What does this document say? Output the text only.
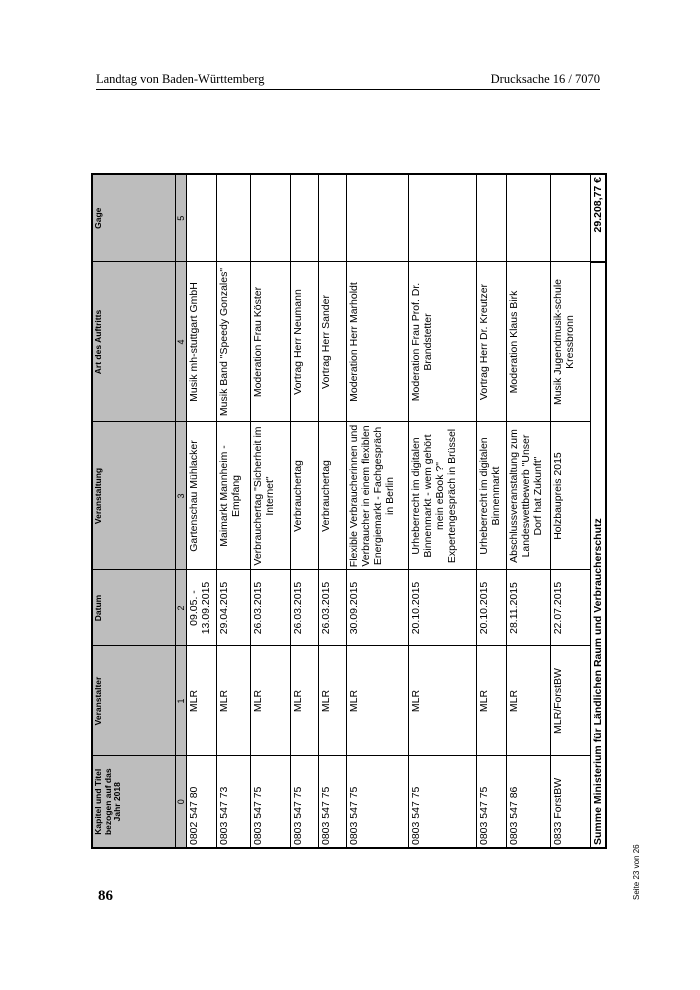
Landtag von Baden-Württemberg	Drucksache 16 / 7070
Kapitel und Titel bezogen auf das Jahr 2018	Veranstalter	Datum	Veranstaltung	Art des Auftritts	Gage
0	1	2	3	4	5
0802 547 80	MLR	09.05. - 13.09.2015	Gartenschau Mühlacker	Musik mh-stuttgart GmbH	
0803 547 73	MLR	29.04.2015	Maimarkt Mannheim - Empfang	Musik Band "Speedy Gonzales"	
0803 547 75	MLR	26.03.2015	Verbrauchertag "Sicherheit im Internet"	Moderation Frau Köster	
0803 547 75	MLR	26.03.2015	Verbrauchertag	Vortrag Herr Neumann	
0803 547 75	MLR	26.03.2015	Verbrauchertag	Vortrag Herr Sander	
0803 547 75	MLR	30.09.2015	Flexible Verbraucherinnen und Verbraucher in einem flexiblen Energiemarkt - Fachgespräch in Berlin	Moderation Herr Marholdt	
0803 547 75	MLR	20.10.2015	Urheberrecht im digitalen Binnenmarkt - wem gehört mein eBook ?" Expertengespräch in Brüssel	Moderation Frau Prof. Dr. Brandstetter	
0803 547 75	MLR	20.10.2015	Urheberrecht im digitalen Binnenmarkt	Vortrag Herr Dr. Kreutzer	
0803 547 86	MLR	28.11.2015	Abschlussveranstaltung zum Landeswettbewerb "Unser Dorf hat Zukunft"	Moderation Klaus Birk	
0833 ForstBW	MLR/ForstBW	22.07.2015	Holzbaupreis 2015	Musik Jugendmusik-schule Kressbronn	
Summe Ministerium für Ländlichen Raum und Verbraucherschutz					29.208,77 €
86	Seite 23 von 26
